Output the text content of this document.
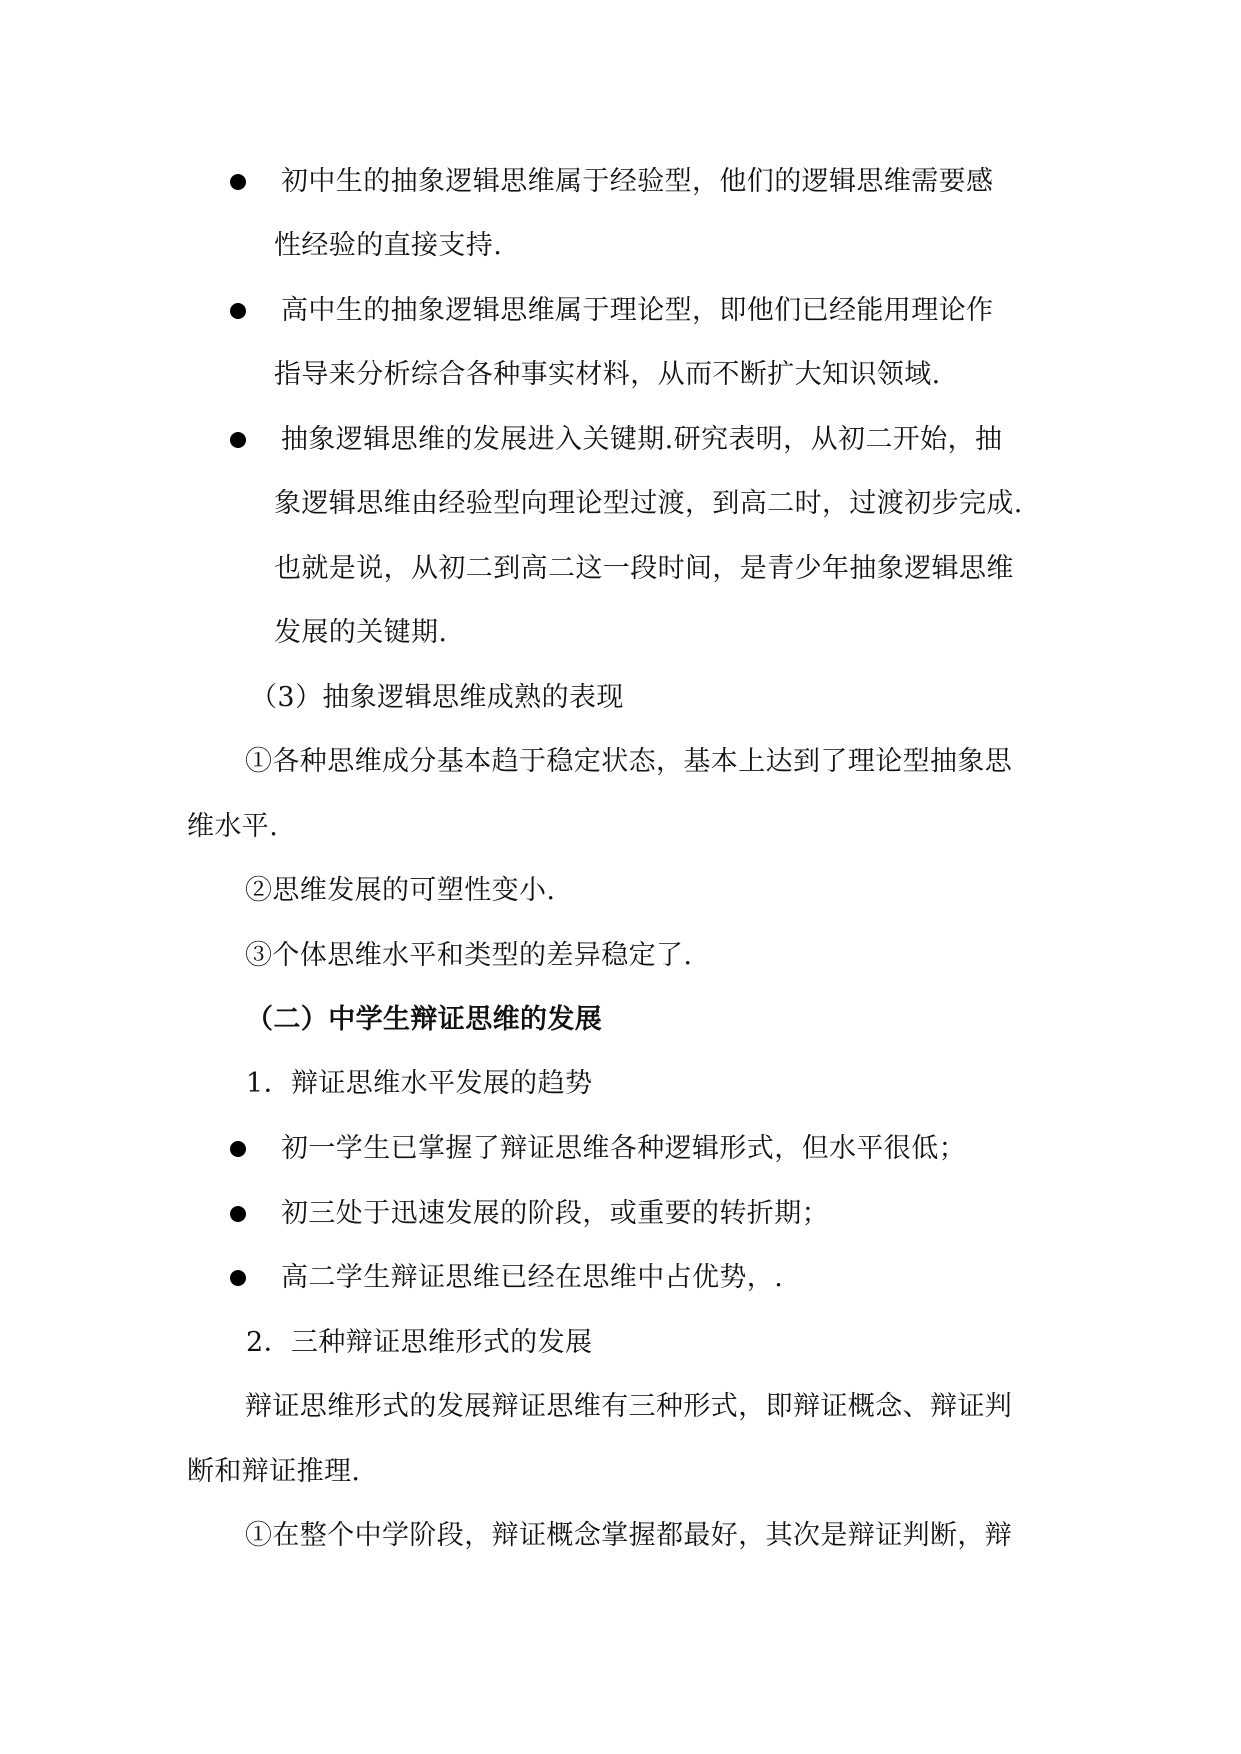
初中生的抽象逻辑思维属于经验型，他们的逻辑思维需要感
性经验的直接支持.
高中生的抽象逻辑思维属于理论型，即他们已经能用理论作
指导来分析综合各种事实材料，从而不断扩大知识领域.
抽象逻辑思维的发展进入关键期.研究表明，从初二开始，抽
象逻辑思维由经验型向理论型过渡，到高二时，过渡初步完成.
也就是说，从初二到高二这一段时间，是青少年抽象逻辑思维
发展的关键期.
（3）抽象逻辑思维成熟的表现
①各种思维成分基本趋于稳定状态，基本上达到了理论型抽象思
维水平.
②思维发展的可塑性变小.
③个体思维水平和类型的差异稳定了.
（二）中学生辩证思维的发展
1．辩证思维水平发展的趋势
初一学生已掌握了辩证思维各种逻辑形式，但水平很低；
初三处于迅速发展的阶段，或重要的转折期；
高二学生辩证思维已经在思维中占优势，.
2．三种辩证思维形式的发展
辩证思维形式的发展辩证思维有三种形式，即辩证概念、辩证判
断和辩证推理.
①在整个中学阶段，辩证概念掌握都最好，其次是辩证判断，辩
